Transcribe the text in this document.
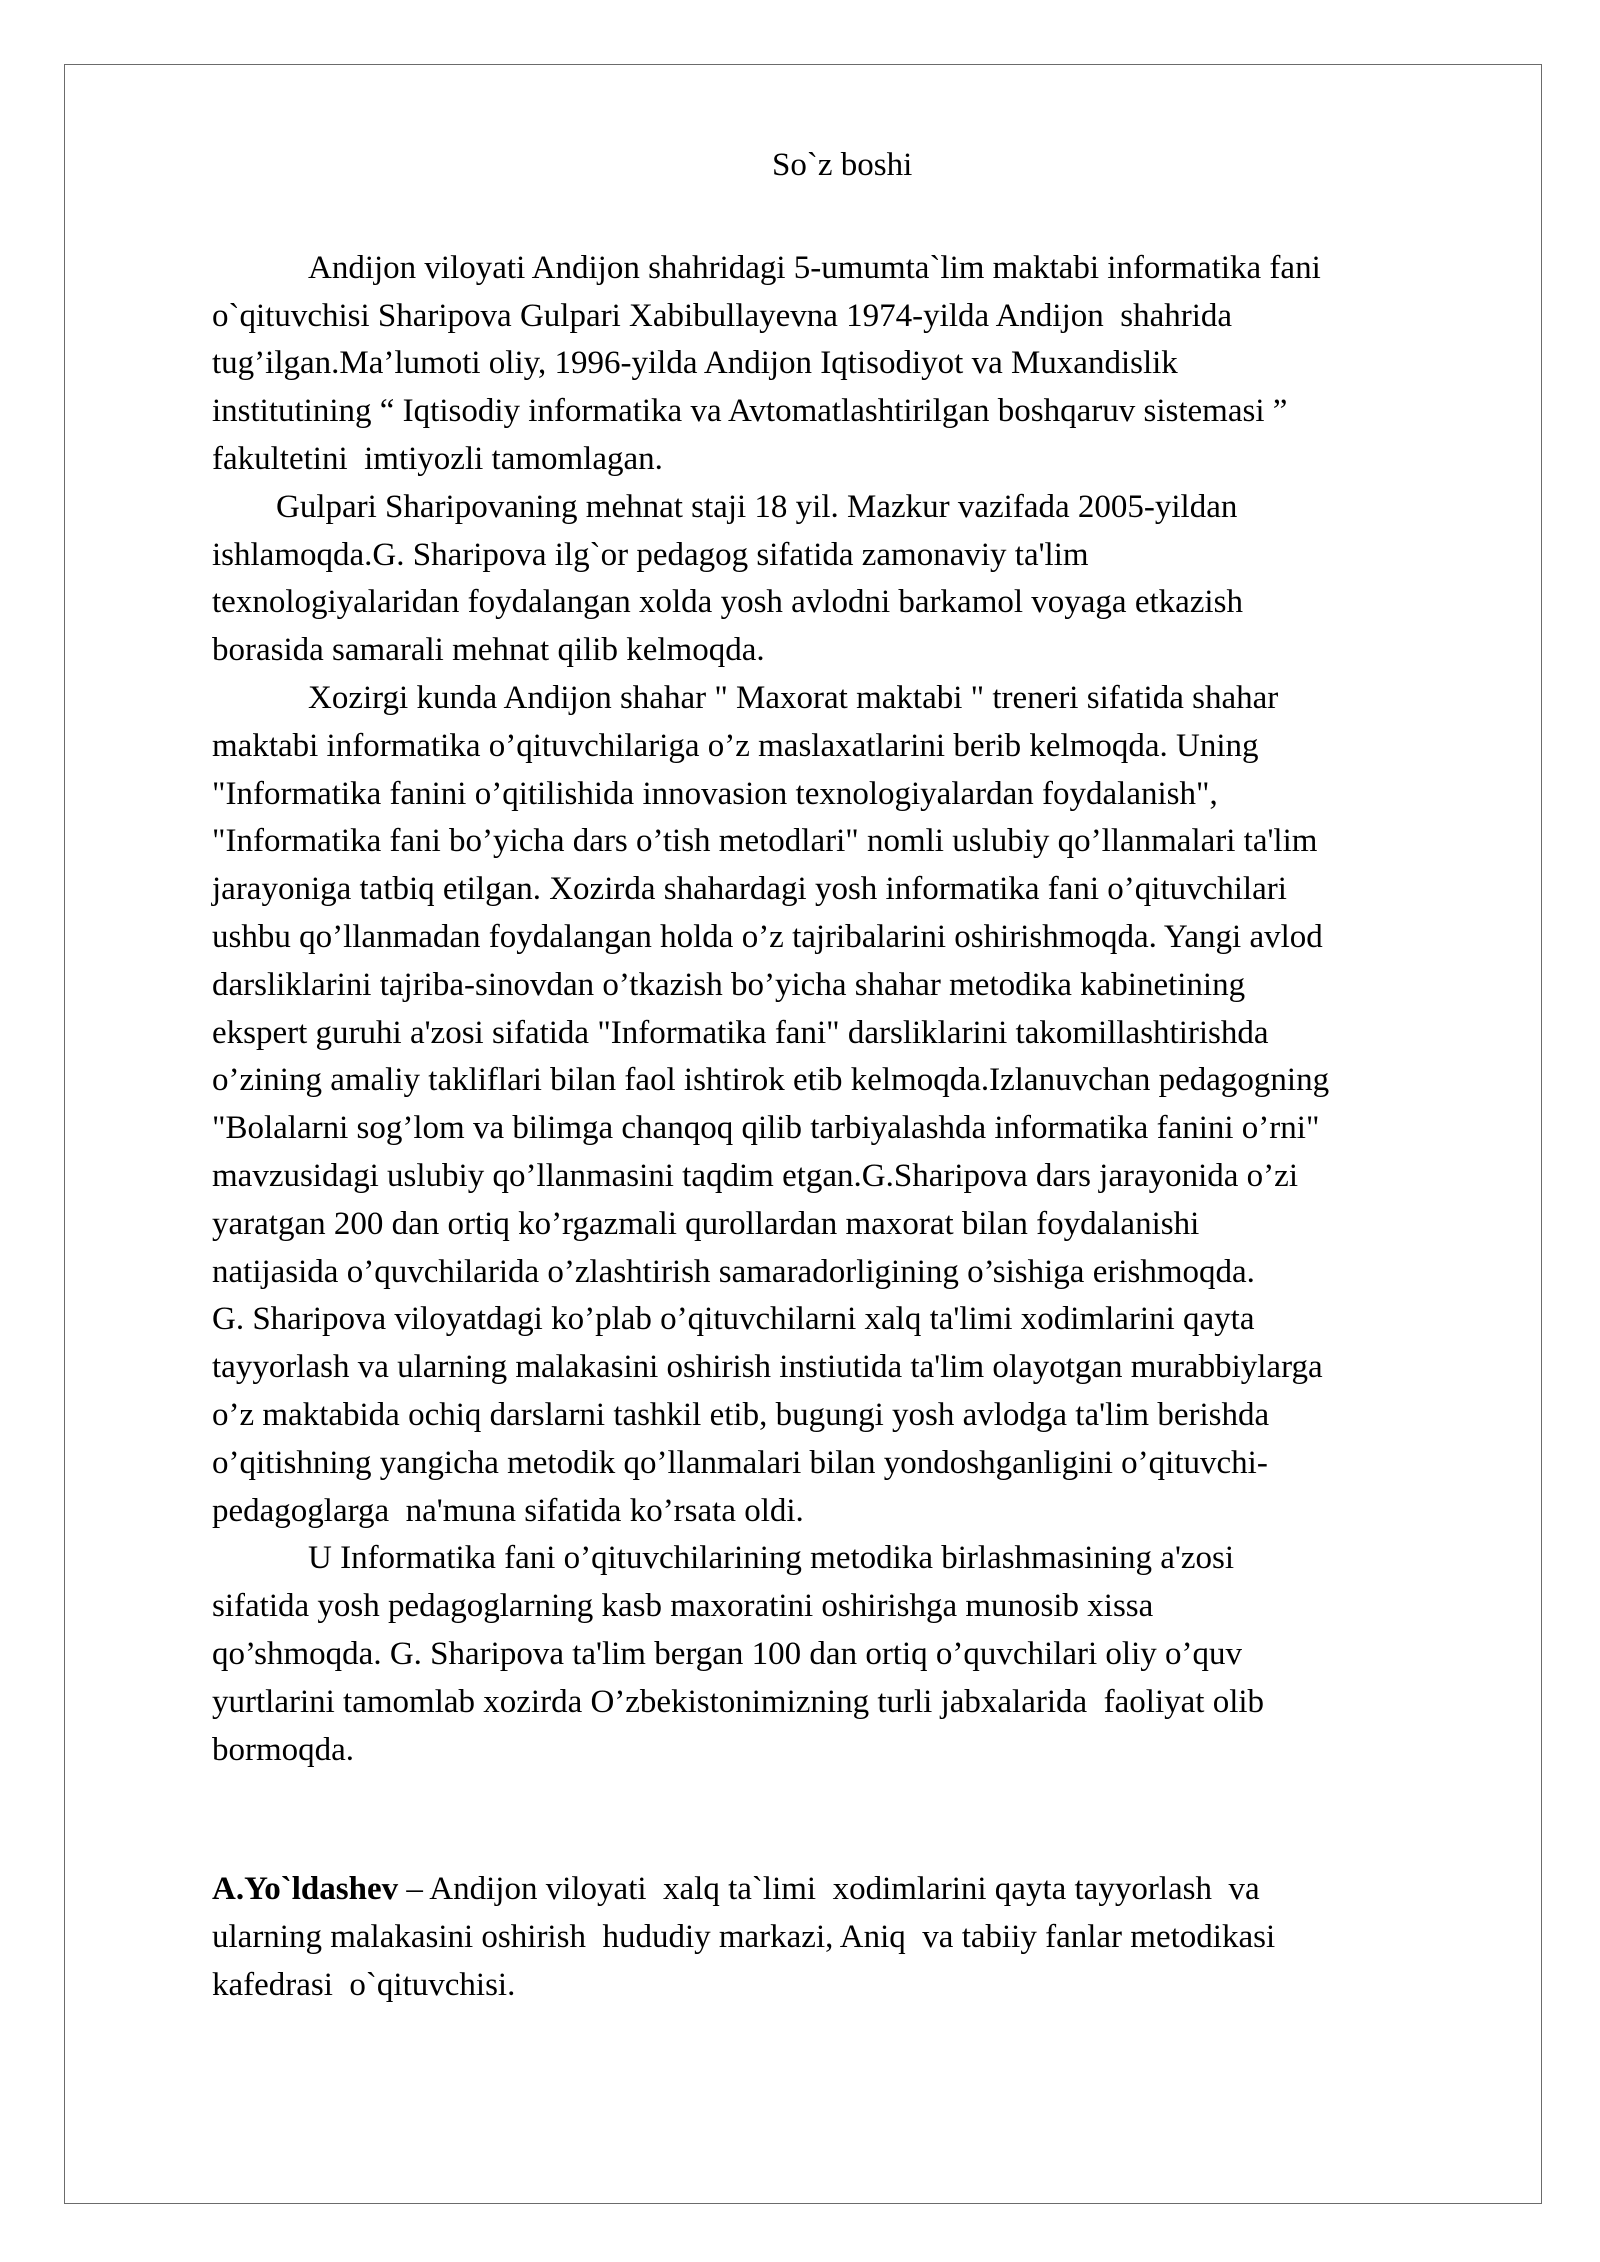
So`z boshi
Andijon viloyati Andijon shahridagi 5-umumta`lim maktabi informatika fani
o`qituvchisi Sharipova Gulpari Xabibullayevna 1974-yilda Andijon  shahrida
tug’ilgan.Ma’lumoti oliy, 1996-yilda Andijon Iqtisodiyot va Muxandislik
institutining “ Iqtisodiy informatika va Avtomatlashtirilgan boshqaruv sistemasi ”
fakultetini  imtiyozli tamomlagan.
Gulpari Sharipovaning mehnat staji 18 yil. Mazkur vazifada 2005-yildan
ishlamoqda.G. Sharipova ilg`or pedagog sifatida zamonaviy ta'lim
texnologiyalaridan foydalangan xolda yosh avlodni barkamol voyaga etkazish
borasida samarali mehnat qilib kelmoqda.
Xozirgi kunda Andijon shahar " Maxorat maktabi " treneri sifatida shahar
maktabi informatika o’qituvchilariga o’z maslaxatlarini berib kelmoqda. Uning
"Informatika fanini o’qitilishida innovasion texnologiyalardan foydalanish",
"Informatika fani bo’yicha dars o’tish metodlari" nomli uslubiy qo’llanmalari ta'lim
jarayoniga tatbiq etilgan. Xozirda shahardagi yosh informatika fani o’qituvchilari
ushbu qo’llanmadan foydalangan holda o’z tajribalarini oshirishmoqda. Yangi avlod
darsliklarini tajriba-sinovdan o’tkazish bo’yicha shahar metodika kabinetining
ekspert guruhi a'zosi sifatida "Informatika fani" darsliklarini takomillashtirishda
o’zining amaliy takliflari bilan faol ishtirok etib kelmoqda.Izlanuvchan pedagogning
"Bolalarni sog’lom va bilimga chanqoq qilib tarbiyalashda informatika fanini o’rni"
mavzusidagi uslubiy qo’llanmasini taqdim etgan.G.Sharipova dars jarayonida o’zi
yaratgan 200 dan ortiq ko’rgazmali qurollardan maxorat bilan foydalanishi
natijasida o’quvchilarida o’zlashtirish samaradorligining o’sishiga erishmoqda.
G. Sharipova viloyatdagi ko’plab o’qituvchilarni xalq ta'limi xodimlarini qayta
tayyorlash va ularning malakasini oshirish instiutida ta'lim olayotgan murabbiylarga
o’z maktabida ochiq darslarni tashkil etib, bugungi yosh avlodga ta'lim berishda
o’qitishning yangicha metodik qo’llanmalari bilan yondoshganligini o’qituvchi-
pedagoglarga  na'muna sifatida ko’rsata oldi.
U Informatika fani o’qituvchilarining metodika birlashmasining a'zosi
sifatida yosh pedagoglarning kasb maxoratini oshirishga munosib xissa
qo’shmoqda. G. Sharipova ta'lim bergan 100 dan ortiq o’quvchilari oliy o’quv
yurtlarini tamomlab xozirda O’zbekistonimizning turli jabxalarida  faoliyat olib
bormoqda.
A.Yo`ldashev – Andijon viloyati  xalq ta`limi  xodimlarini qayta tayyorlash  va
ularning malakasini oshirish  hududiy markazi, Aniq  va tabiiy fanlar metodikasi
kafedrasi  o`qituvchisi.
